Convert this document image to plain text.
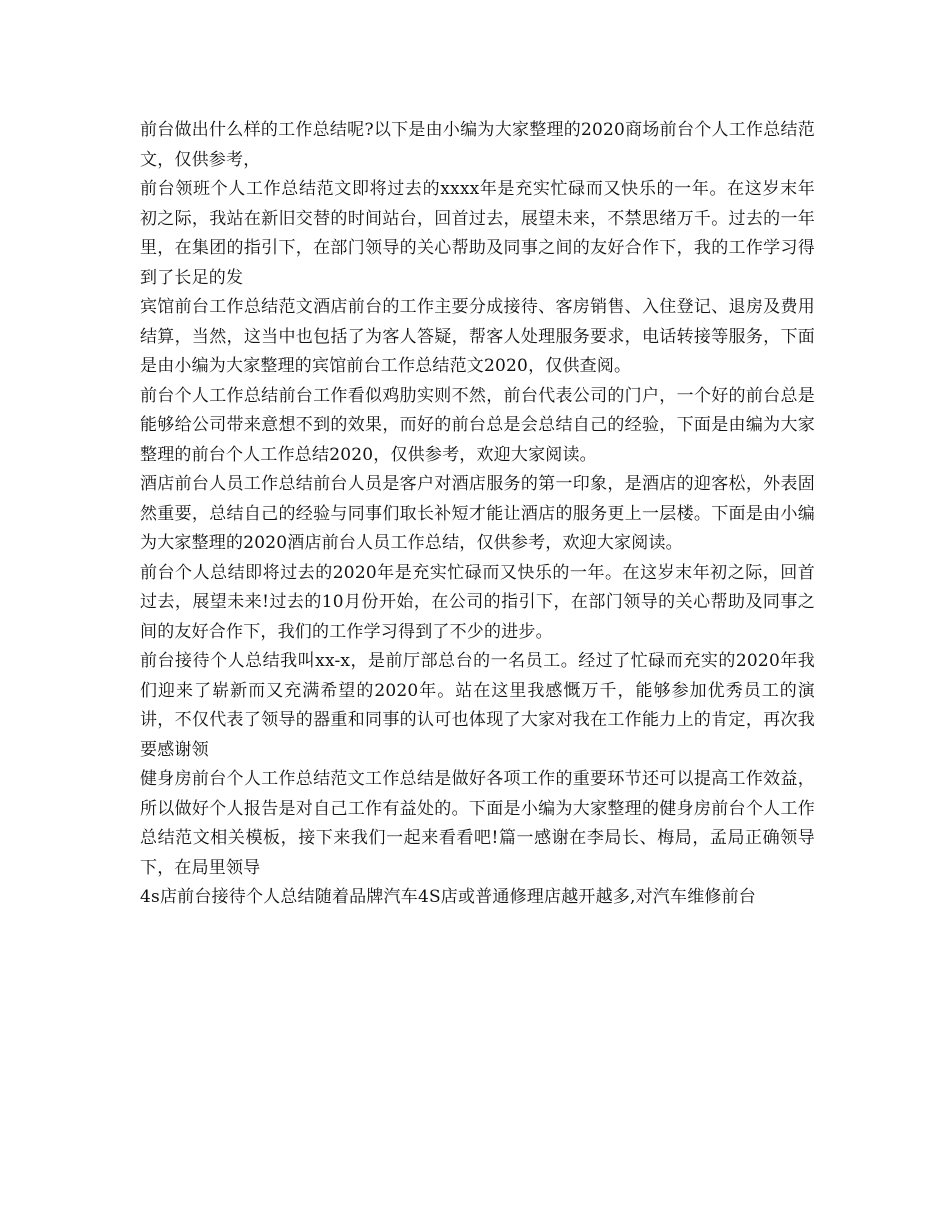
前台做出什么样的工作总结呢?以下是由小编为大家整理的2020商场前台个人工作总结范文，仅供参考，

前台领班个人工作总结范文即将过去的xxxx年是充实忙碌而又快乐的一年。在这岁末年初之际，我站在新旧交替的时间站台，回首过去，展望未来，不禁思绪万千。过去的一年里，在集团的指引下，在部门领导的关心帮助及同事之间的友好合作下，我的工作学习得到了长足的发

宾馆前台工作总结范文酒店前台的工作主要分成接待、客房销售、入住登记、退房及费用结算，当然，这当中也包括了为客人答疑，帮客人处理服务要求，电话转接等服务，下面是由小编为大家整理的宾馆前台工作总结范文2020，仅供查阅。

前台个人工作总结前台工作看似鸡肋实则不然，前台代表公司的门户，一个好的前台总是能够给公司带来意想不到的效果，而好的前台总是会总结自己的经验，下面是由编为大家整理的前台个人工作总结2020，仅供参考，欢迎大家阅读。

酒店前台人员工作总结前台人员是客户对酒店服务的第一印象，是酒店的迎客松，外表固然重要，总结自己的经验与同事们取长补短才能让酒店的服务更上一层楼。下面是由小编为大家整理的2020酒店前台人员工作总结，仅供参考，欢迎大家阅读。

前台个人总结即将过去的2020年是充实忙碌而又快乐的一年。在这岁末年初之际，回首过去，展望未来!过去的10月份开始，在公司的指引下，在部门领导的关心帮助及同事之间的友好合作下，我们的工作学习得到了不少的进步。

前台接待个人总结我叫xx-x，是前厅部总台的一名员工。经过了忙碌而充实的2020年我们迎来了崭新而又充满希望的2020年。站在这里我感慨万千，能够参加优秀员工的演讲，不仅代表了领导的器重和同事的认可也体现了大家对我在工作能力上的肯定，再次我要感谢领

健身房前台个人工作总结范文工作总结是做好各项工作的重要环节还可以提高工作效益，所以做好个人报告是对自己工作有益处的。下面是小编为大家整理的健身房前台个人工作总结范文相关模板，接下来我们一起来看看吧!篇一感谢在李局长、梅局，孟局正确领导下，在局里领导

4s店前台接待个人总结随着品牌汽车4S店或普通修理店越开越多,对汽车维修前台
